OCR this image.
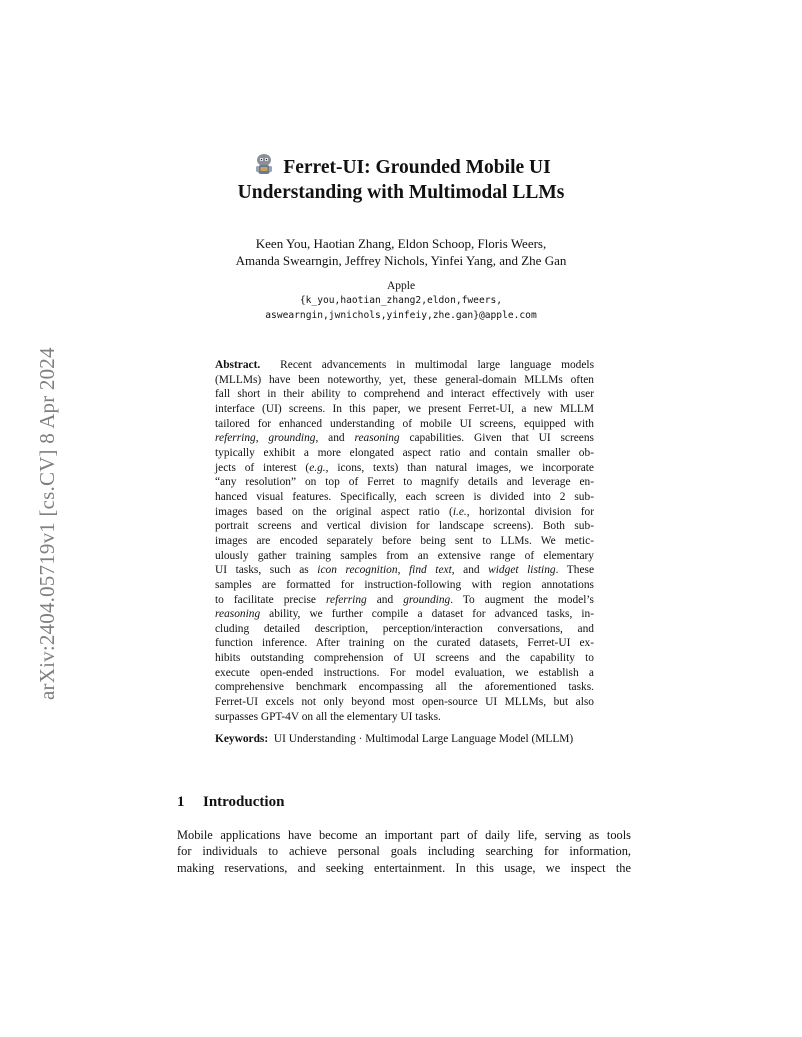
arXiv:2404.05719v1 [cs.CV] 8 Apr 2024
Ferret-UI: Grounded Mobile UI
Understanding with Multimodal LLMs
Keen You, Haotian Zhang, Eldon Schoop, Floris Weers,
Amanda Swearngin, Jeffrey Nichols, Yinfei Yang, and Zhe Gan
Apple
{k_you,haotian_zhang2,eldon,fweers,
aswearngin,jwnichols,yinfeiy,zhe.gan}@apple.com
Abstract. Recent advancements in multimodal large language models
(MLLMs) have been noteworthy, yet, these general-domain MLLMs often
fall short in their ability to comprehend and interact effectively with user
interface (UI) screens. In this paper, we present Ferret-UI, a new MLLM
tailored for enhanced understanding of mobile UI screens, equipped with
referring, grounding, and reasoning capabilities. Given that UI screens
typically exhibit a more elongated aspect ratio and contain smaller ob-
jects of interest (e.g., icons, texts) than natural images, we incorporate
“any resolution” on top of Ferret to magnify details and leverage en-
hanced visual features. Specifically, each screen is divided into 2 sub-
images based on the original aspect ratio (i.e., horizontal division for
portrait screens and vertical division for landscape screens). Both sub-
images are encoded separately before being sent to LLMs. We metic-
ulously gather training samples from an extensive range of elementary
UI tasks, such as icon recognition, find text, and widget listing. These
samples are formatted for instruction-following with region annotations
to facilitate precise referring and grounding. To augment the model’s
reasoning ability, we further compile a dataset for advanced tasks, in-
cluding detailed description, perception/interaction conversations, and
function inference. After training on the curated datasets, Ferret-UI ex-
hibits outstanding comprehension of UI screens and the capability to
execute open-ended instructions. For model evaluation, we establish a
comprehensive benchmark encompassing all the aforementioned tasks.
Ferret-UI excels not only beyond most open-source UI MLLMs, but also
surpasses GPT-4V on all the elementary UI tasks.
Keywords: UI Understanding · Multimodal Large Language Model (MLLM)
1 Introduction
Mobile applications have become an important part of daily life, serving as tools
for individuals to achieve personal goals including searching for information,
making reservations, and seeking entertainment. In this usage, we inspect the
